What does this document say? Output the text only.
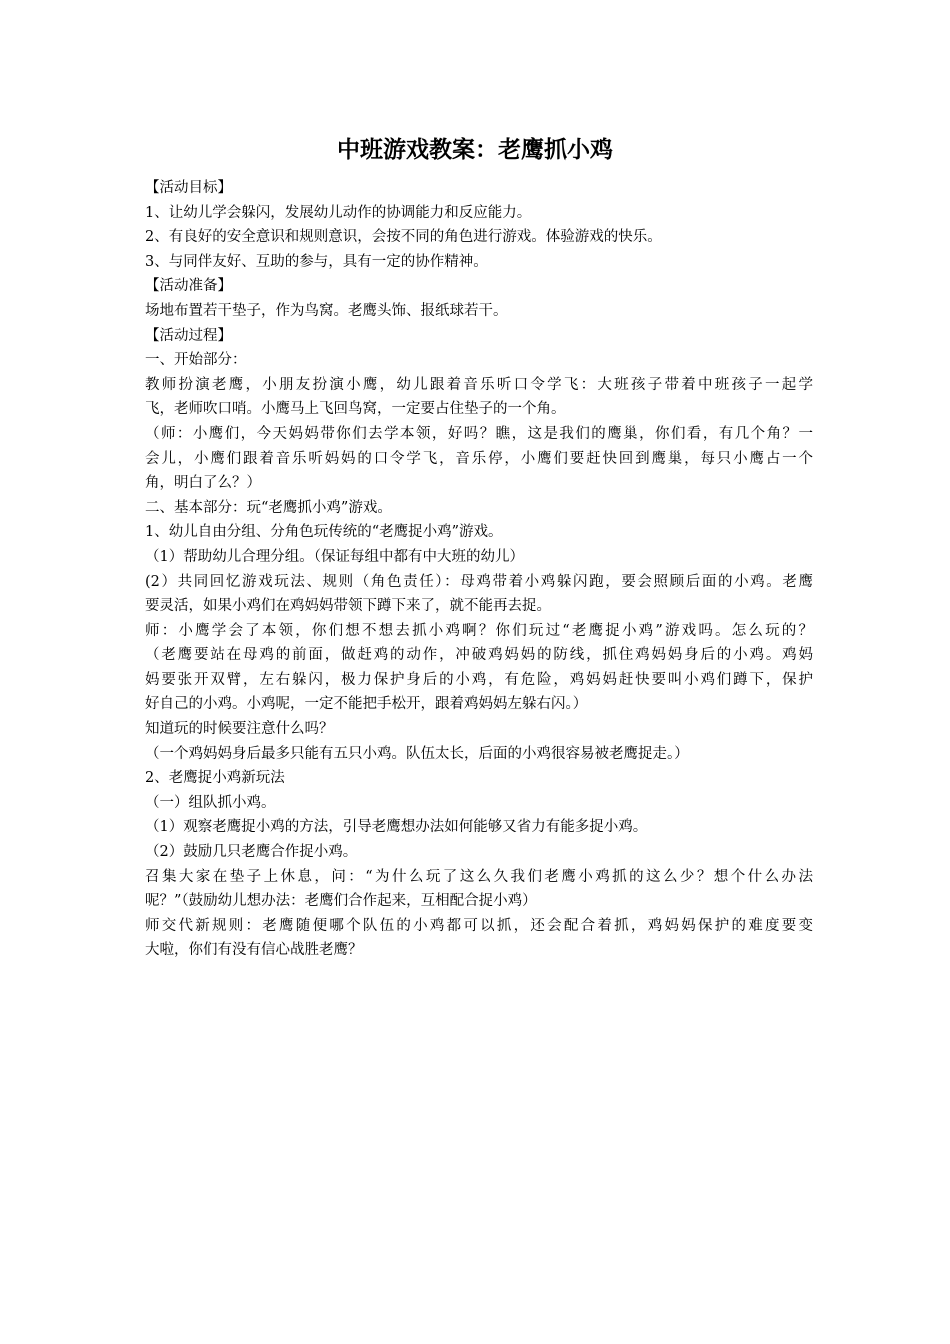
中班游戏教案：老鹰抓小鸡
【活动目标】
1、让幼儿学会躲闪，发展幼儿动作的协调能力和反应能力。
2、有良好的安全意识和规则意识，会按不同的角色进行游戏。体验游戏的快乐。
3、与同伴友好、互助的参与，具有一定的协作精神。
【活动准备】
场地布置若干垫子，作为鸟窝。老鹰头饰、报纸球若干。
【活动过程】
一、开始部分：
教师扮演老鹰，小朋友扮演小鹰，幼儿跟着音乐听口令学飞：大班孩子带着中班孩子一起学
飞，老师吹口哨。小鹰马上飞回鸟窝，一定要占住垫子的一个角。
（师：小鹰们，今天妈妈带你们去学本领，好吗？瞧，这是我们的鹰巢，你们看，有几个角？一
会儿，小鹰们跟着音乐听妈妈的口令学飞，音乐停，小鹰们要赶快回到鹰巢，每只小鹰占一个
角，明白了么？）
二、基本部分：玩“老鹰抓小鸡”游戏。
1、幼儿自由分组、分角色玩传统的“老鹰捉小鸡”游戏。
（1）帮助幼儿合理分组。（保证每组中都有中大班的幼儿）
(2）共同回忆游戏玩法、规则（角色责任）：母鸡带着小鸡躲闪跑，要会照顾后面的小鸡。老鹰
要灵活，如果小鸡们在鸡妈妈带领下蹲下来了，就不能再去捉。
师：小鹰学会了本领，你们想不想去抓小鸡啊？你们玩过“老鹰捉小鸡”游戏吗。怎么玩的？
（老鹰要站在母鸡的前面，做赶鸡的动作，冲破鸡妈妈的防线，抓住鸡妈妈身后的小鸡。鸡妈
妈要张开双臂，左右躲闪，极力保护身后的小鸡，有危险，鸡妈妈赶快要叫小鸡们蹲下，保护
好自己的小鸡。小鸡呢，一定不能把手松开，跟着鸡妈妈左躲右闪。）
知道玩的时候要注意什么吗？
（一个鸡妈妈身后最多只能有五只小鸡。队伍太长，后面的小鸡很容易被老鹰捉走。）
2、老鹰捉小鸡新玩法
（一）组队抓小鸡。
（1）观察老鹰捉小鸡的方法，引导老鹰想办法如何能够又省力有能多捉小鸡。
（2）鼓励几只老鹰合作捉小鸡。
召集大家在垫子上休息，问：“为什么玩了这么久我们老鹰小鸡抓的这么少？想个什么办法
呢？”（鼓励幼儿想办法：老鹰们合作起来，互相配合捉小鸡）
师交代新规则：老鹰随便哪个队伍的小鸡都可以抓，还会配合着抓，鸡妈妈保护的难度要变
大啦，你们有没有信心战胜老鹰？
